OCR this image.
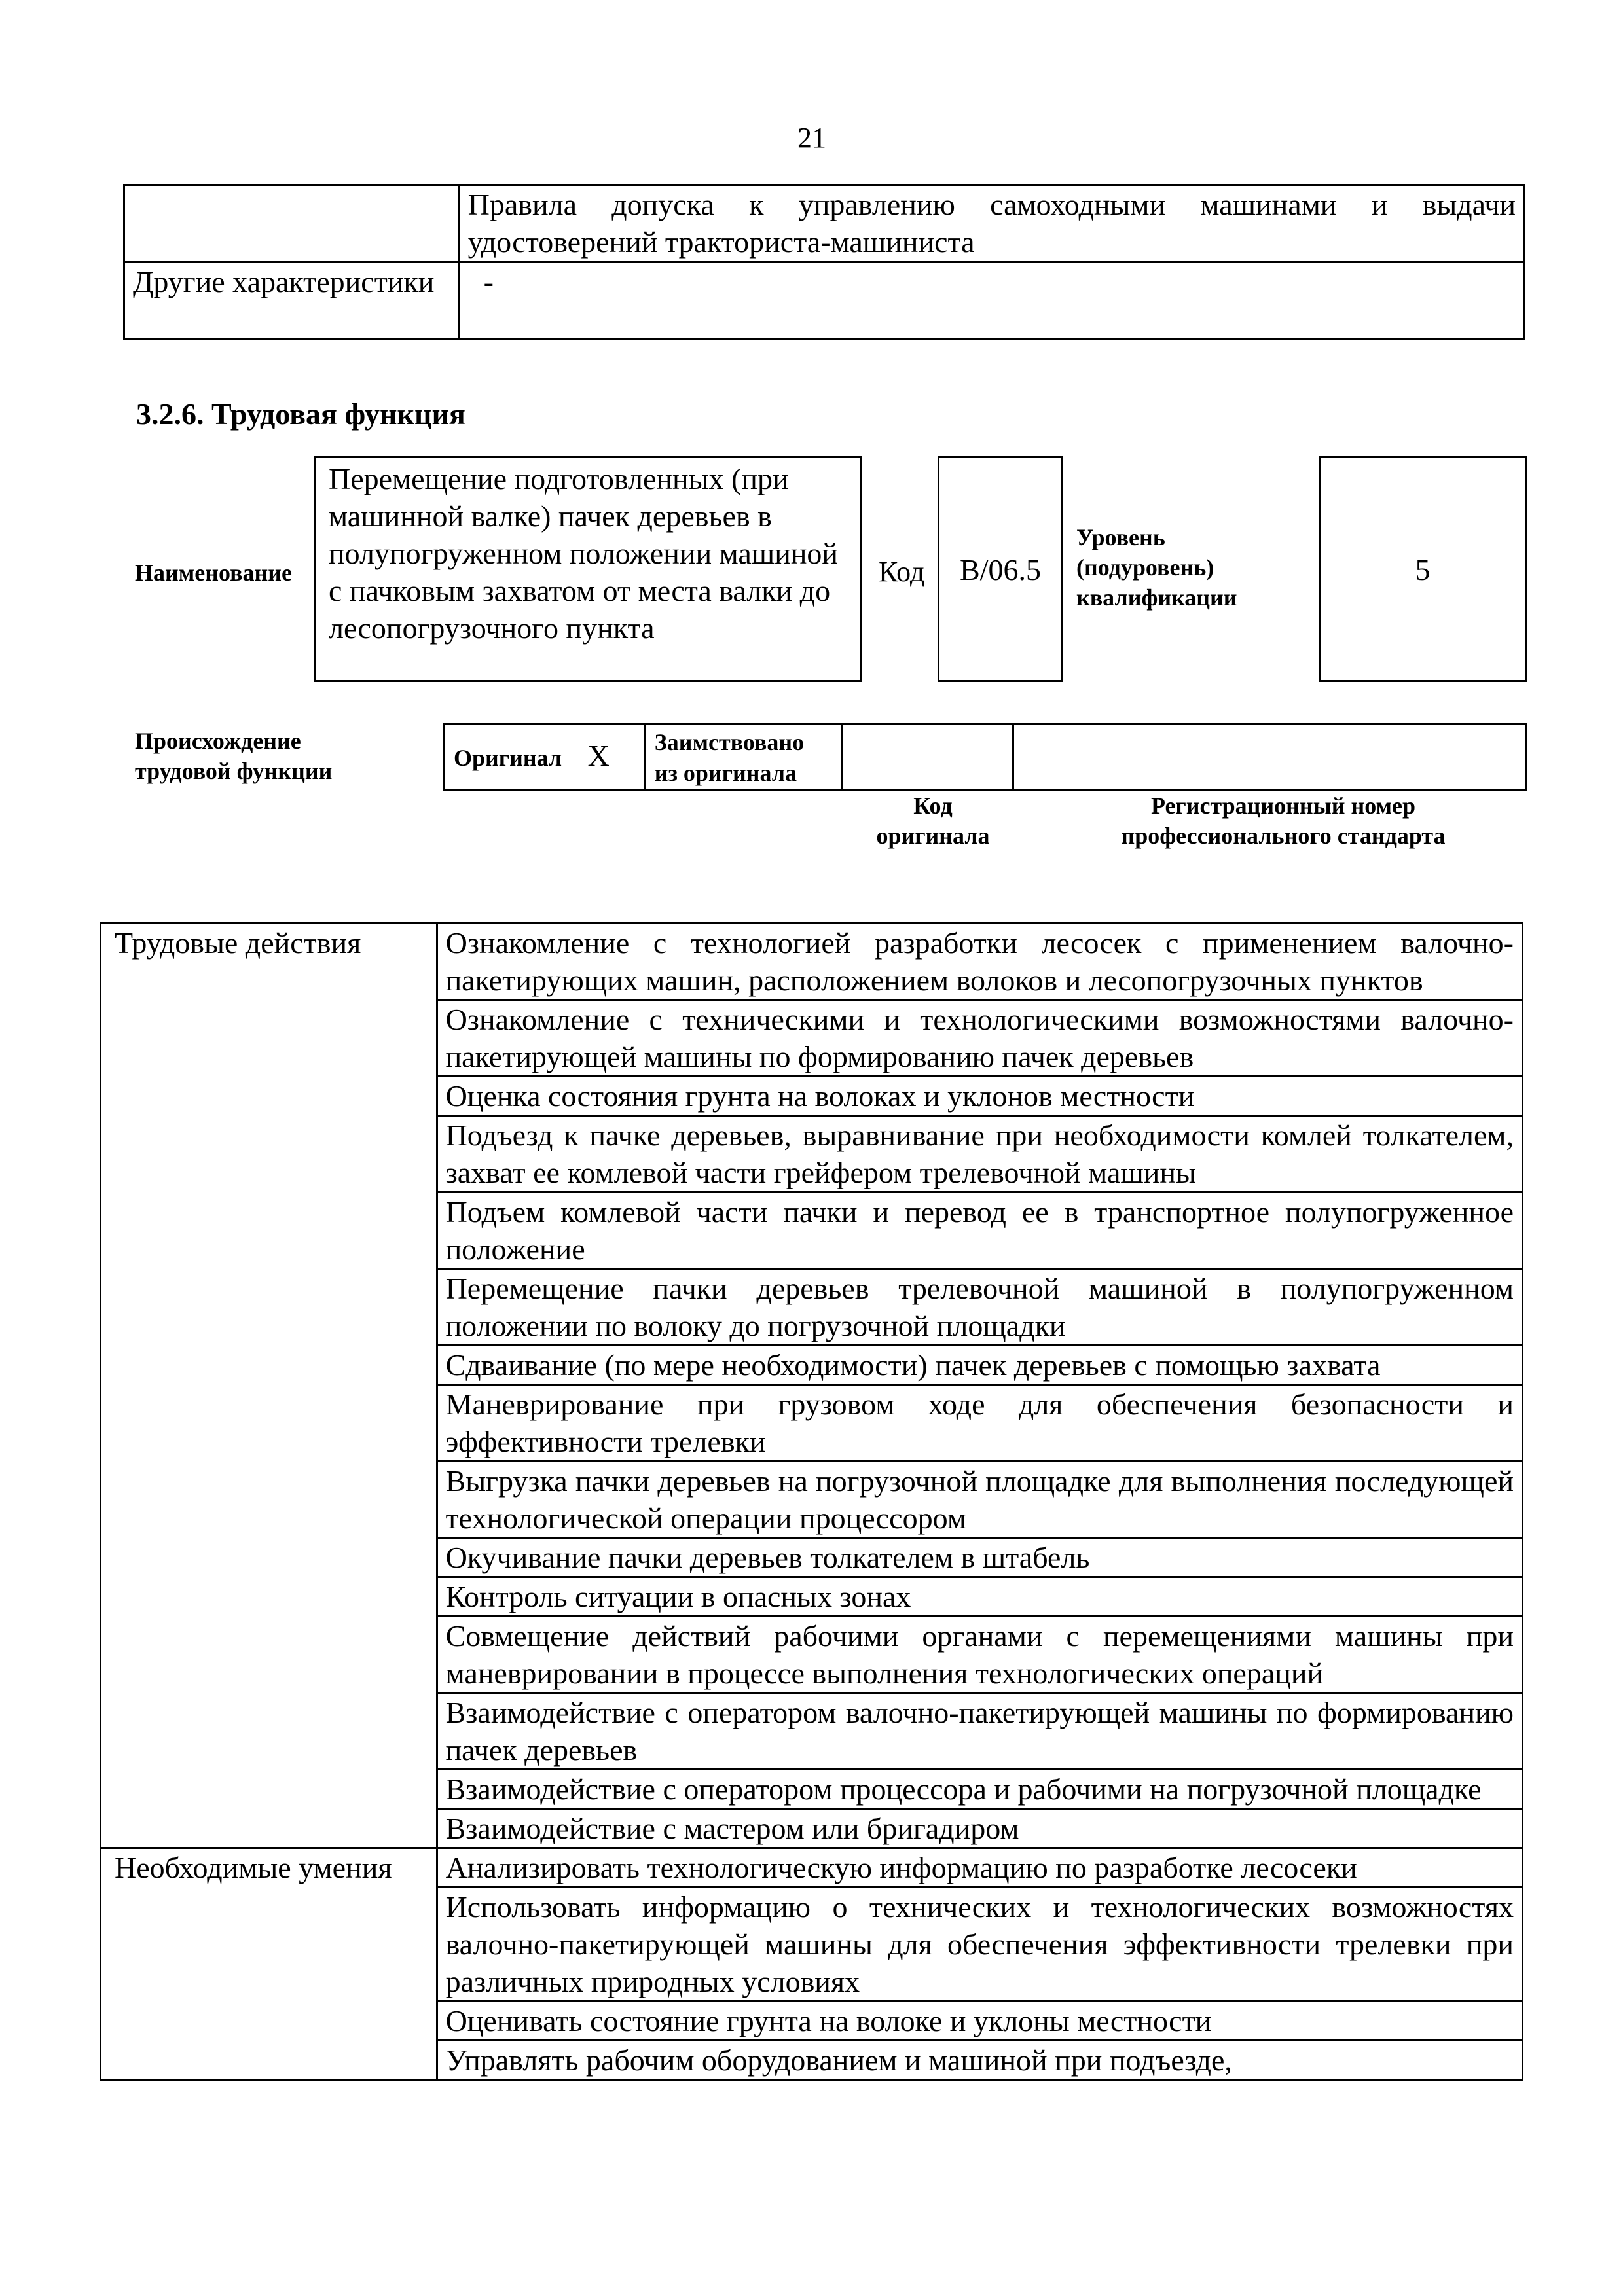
21
	Правила допуска к управлению самоходными машинами и выдачи удостоверений тракториста-машиниста
Другие характеристики	-
3.2.6. Трудовая функция
Наименование
Перемещение подготовленных (при машинной валке) пачек деревьев в полупогруженном положении машиной с пачковым захватом от места валки до лесопогрузочного пункта
Код	B/06.5
Уровень (подуровень) квалификации
5
Происхождение трудовой функции
Оригинал X	Заимствовано из оригинала		
Код оригинала
Регистрационный номер профессионального стандарта
Трудовые действия	Ознакомление с технологией разработки лесосек с применением валочно-пакетирующих машин, расположением волоков и лесопогрузочных пунктов
	Ознакомление с техническими и технологическими возможностями валочно-пакетирующей машины по формированию пачек деревьев
	Оценка состояния грунта на волоках и уклонов местности
	Подъезд к пачке деревьев, выравнивание при необходимости комлей толкателем, захват ее комлевой части грейфером трелевочной машины
	Подъем комлевой части пачки и перевод ее в транспортное полупогруженное положение
	Перемещение пачки деревьев трелевочной машиной в полупогруженном положении по волоку до погрузочной площадки
	Сдваивание (по мере необходимости) пачек деревьев с помощью захвата
	Маневрирование при грузовом ходе для обеспечения безопасности и эффективности трелевки
	Выгрузка пачки деревьев на погрузочной площадке для выполнения последующей технологической операции процессором
	Окучивание пачки деревьев толкателем в штабель
	Контроль ситуации в опасных зонах
	Совмещение действий рабочими органами с перемещениями машины при маневрировании в процессе выполнения технологических операций
	Взаимодействие с оператором валочно-пакетирующей машины по формированию пачек деревьев
	Взаимодействие с оператором процессора и рабочими на погрузочной площадке
	Взаимодействие с мастером или бригадиром
Необходимые умения	Анализировать технологическую информацию по разработке лесосеки
	Использовать информацию о технических и технологических возможностях валочно-пакетирующей машины для обеспечения эффективности трелевки при различных природных условиях
	Оценивать состояние грунта на волоке и уклоны местности
	Управлять рабочим оборудованием и машиной при подъезде,
